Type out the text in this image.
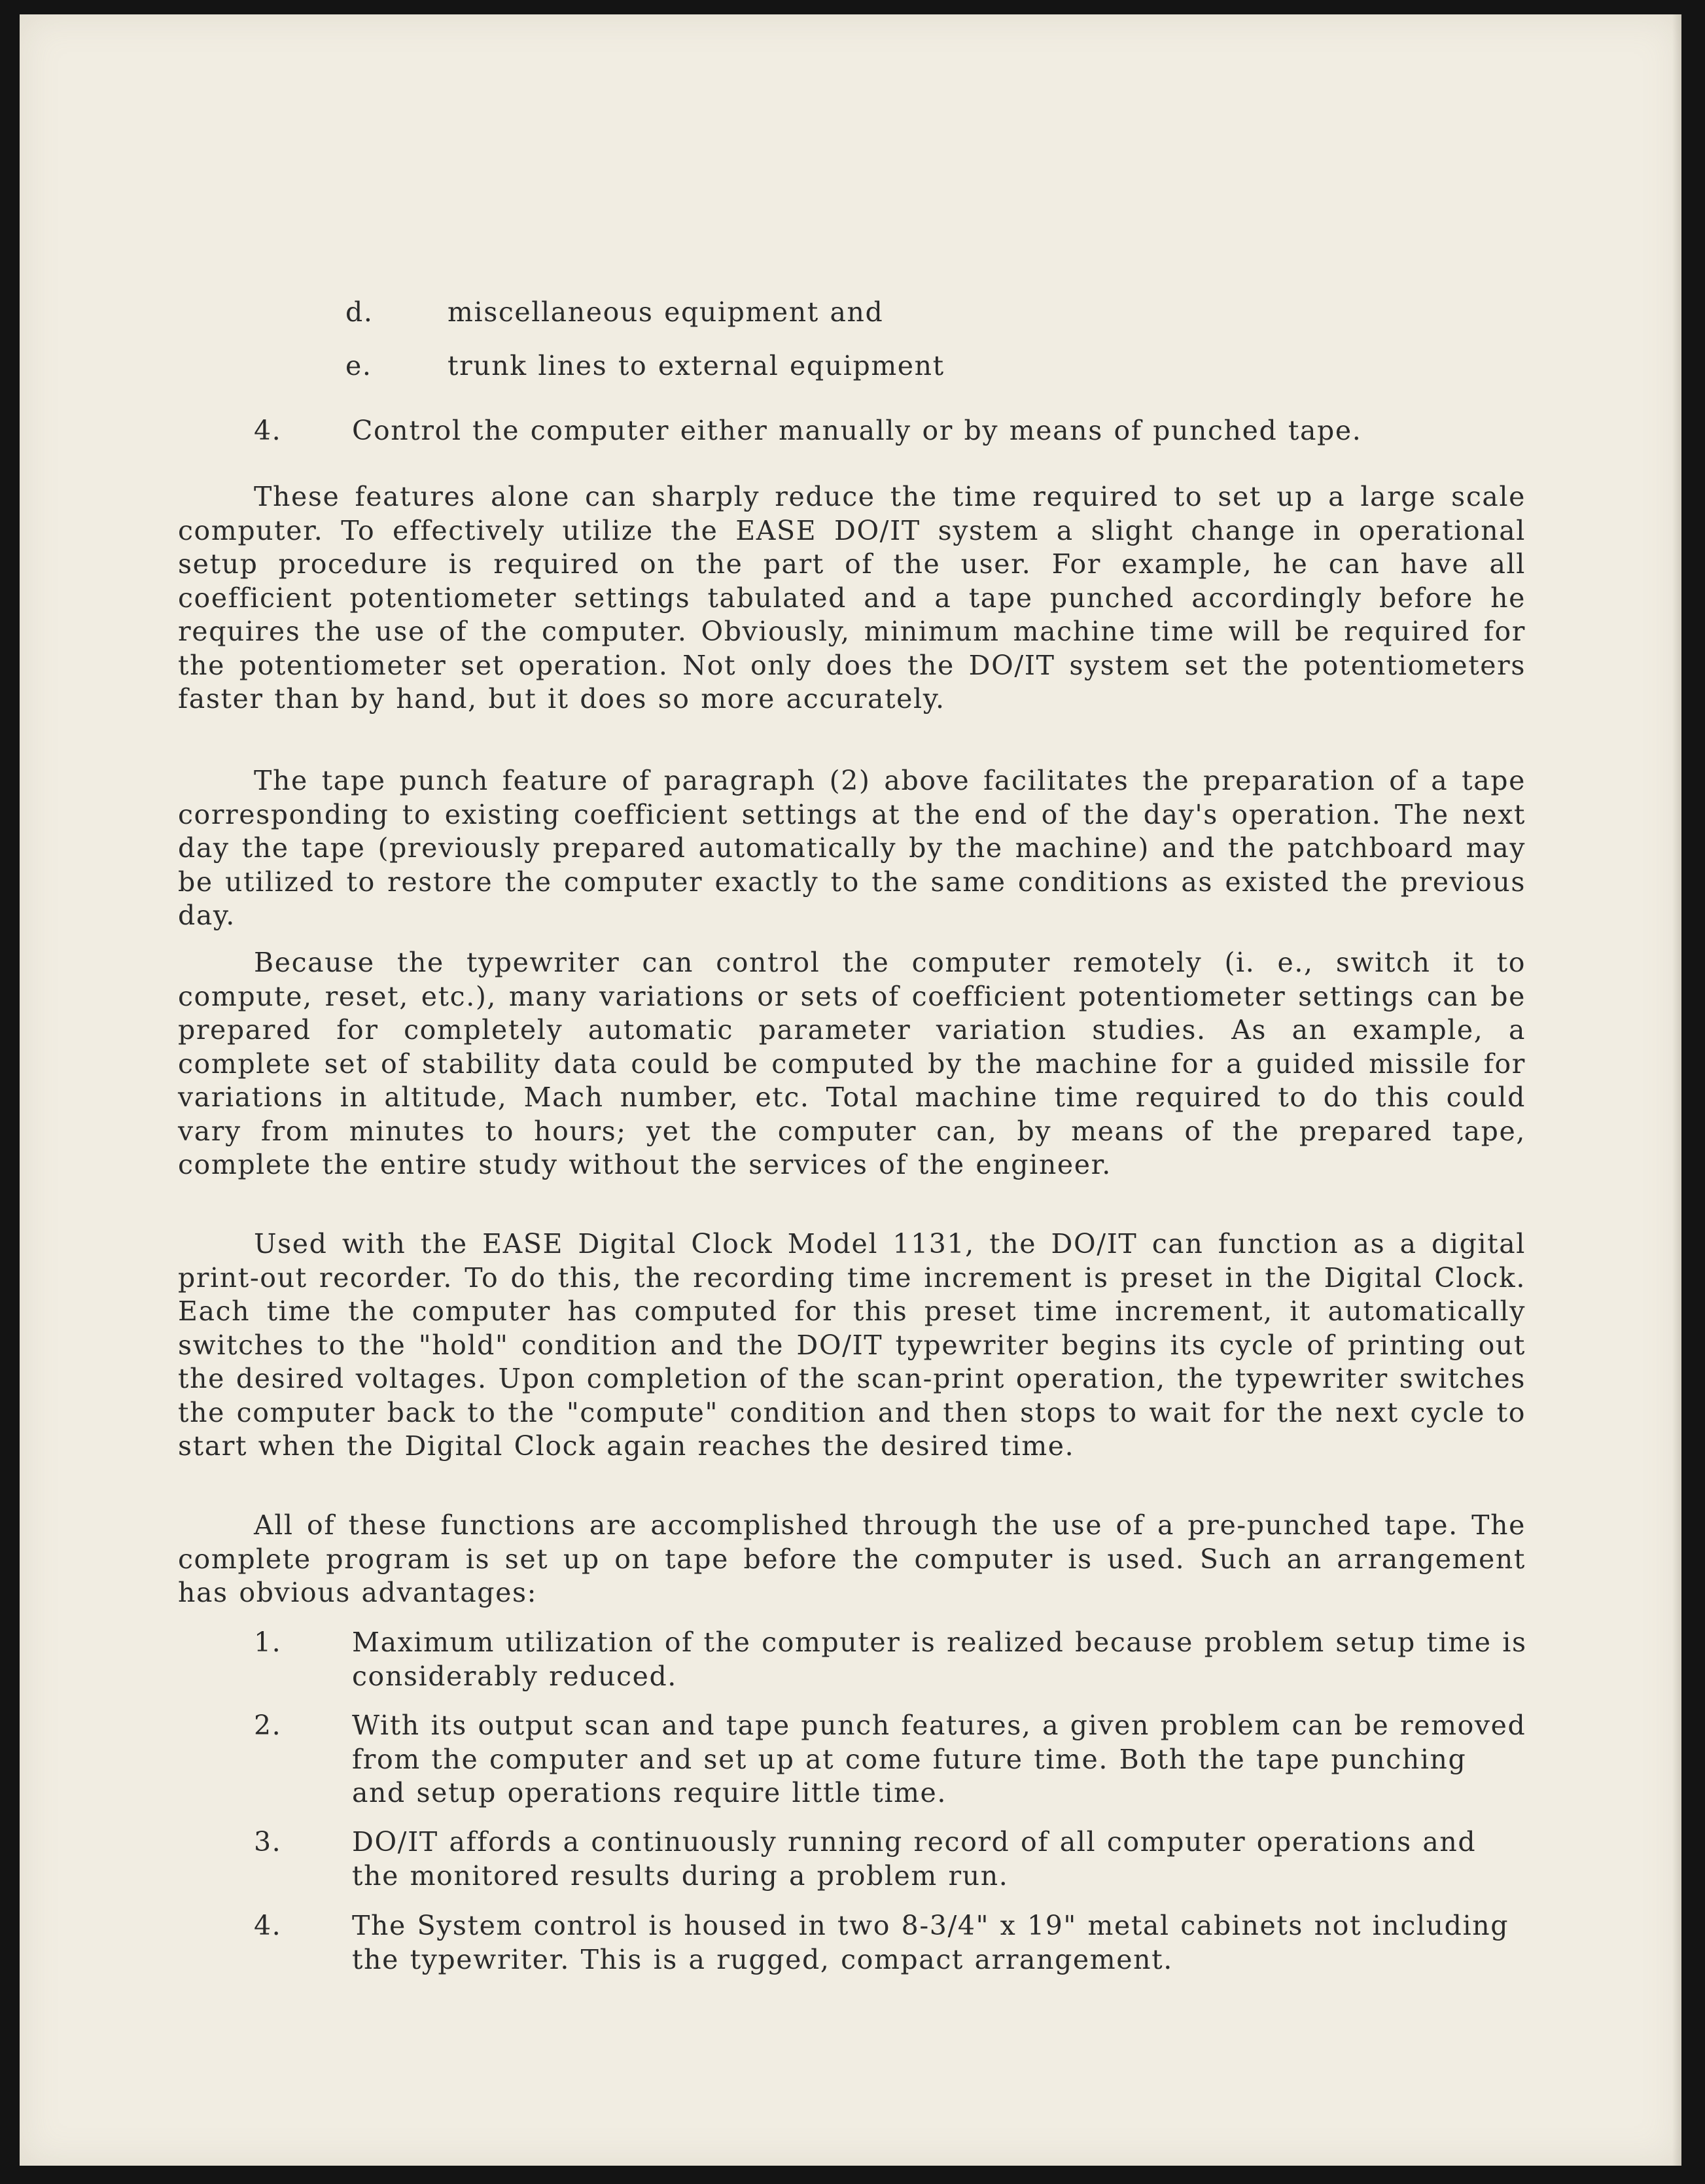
d.	miscellaneous equipment and
e.	trunk lines to external equipment
4.	Control the computer either manually or by means of punched tape.

These features alone can sharply reduce the time required to set up a large scale computer. To effectively utilize the EASE DO/IT system a slight change in operational setup procedure is required on the part of the user. For example, he can have all coefficient potentiometer settings tabulated and a tape punched accordingly before he requires the use of the computer. Obviously, minimum machine time will be required for the potentiometer set operation. Not only does the DO/IT system set the potentiometers faster than by hand, but it does so more accurately.

The tape punch feature of paragraph (2) above facilitates the preparation of a tape corresponding to existing coefficient settings at the end of the day's operation. The next day the tape (previously prepared automatically by the machine) and the patchboard may be utilized to restore the computer exactly to the same conditions as existed the previous day.

Because the typewriter can control the computer remotely (i. e., switch it to compute, reset, etc.), many variations or sets of coefficient potentiometer settings can be prepared for completely automatic parameter variation studies. As an example, a complete set of stability data could be computed by the machine for a guided missile for variations in altitude, Mach number, etc. Total machine time required to do this could vary from minutes to hours; yet the computer can, by means of the prepared tape, complete the entire study without the services of the engineer.

Used with the EASE Digital Clock Model 1131, the DO/IT can function as a digital print-out recorder. To do this, the recording time increment is preset in the Digital Clock. Each time the computer has computed for this preset time increment, it automatically switches to the "hold" condition and the DO/IT typewriter begins its cycle of printing out the desired voltages. Upon completion of the scan-print operation, the typewriter switches the computer back to the "compute" condition and then stops to wait for the next cycle to start when the Digital Clock again reaches the desired time.

All of these functions are accomplished through the use of a pre-punched tape. The complete program is set up on tape before the computer is used. Such an arrangement has obvious advantages:

1.	Maximum utilization of the computer is realized because problem setup time is considerably reduced.
2.	With its output scan and tape punch features, a given problem can be removed from the computer and set up at come future time. Both the tape punching and setup operations require little time.
3.	DO/IT affords a continuously running record of all computer operations and the monitored results during a problem run.
4.	The System control is housed in two 8-3/4" x 19" metal cabinets not including the typewriter. This is a rugged, compact arrangement.
